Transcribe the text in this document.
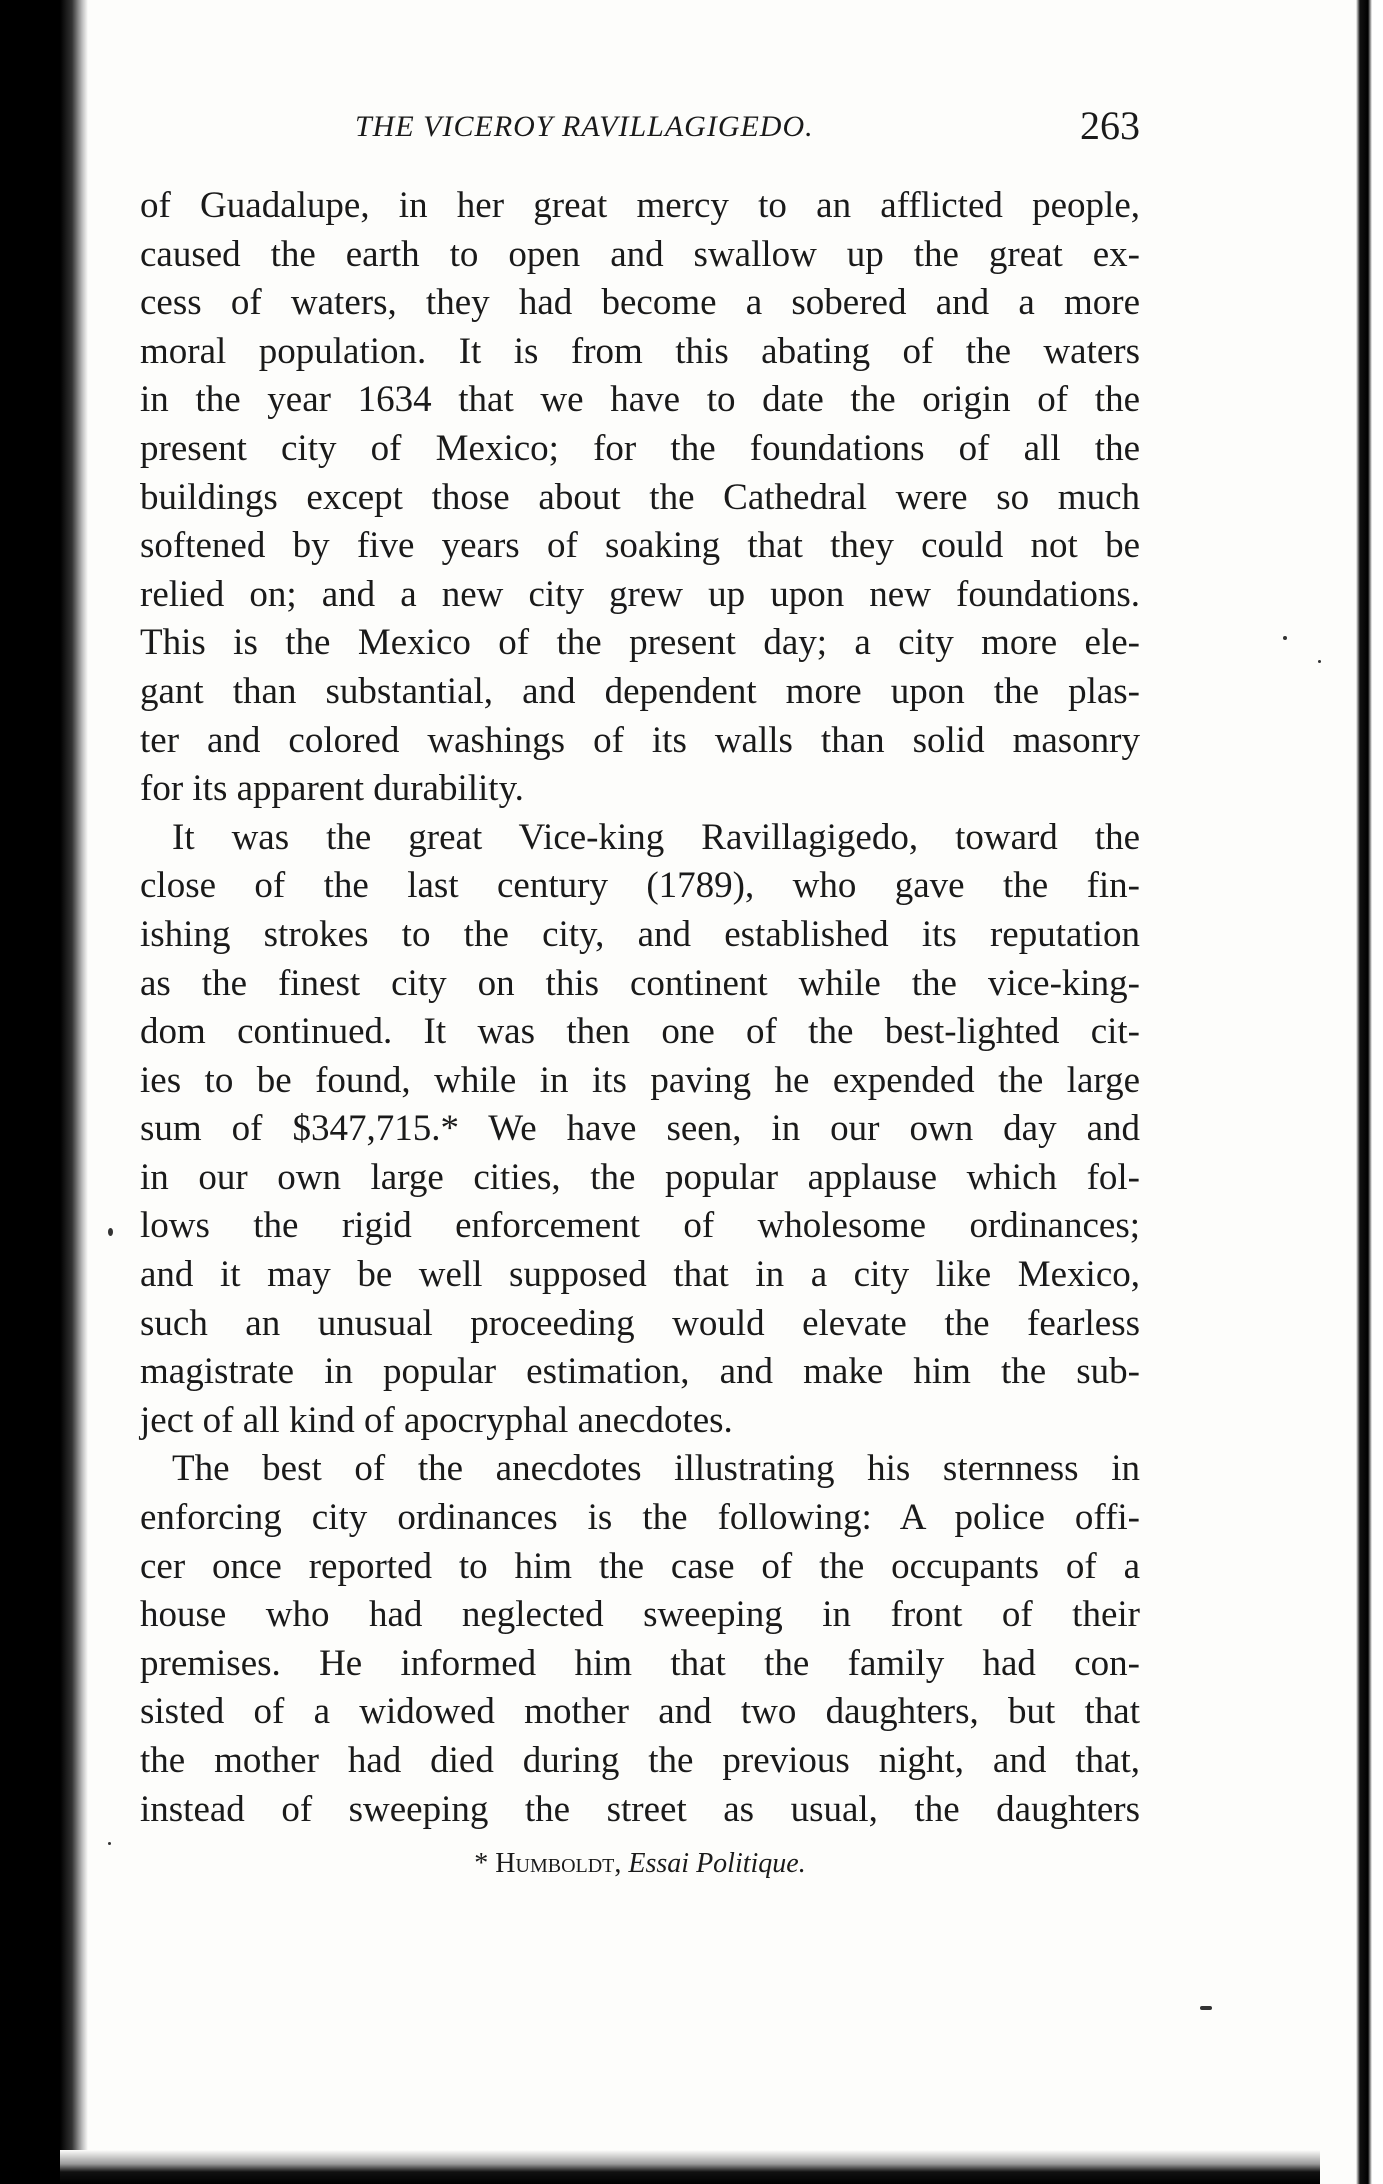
THE VICEROY RAVILLAGIGEDO.	263
of Guadalupe, in her great mercy to an afflicted people,
caused the earth to open and swallow up the great ex-
cess of waters, they had become a sobered and a more
moral population. It is from this abating of the waters
in the year 1634 that we have to date the origin of the
present city of Mexico; for the foundations of all the
buildings except those about the Cathedral were so much
softened by five years of soaking that they could not be
relied on; and a new city grew up upon new foundations.
This is the Mexico of the present day; a city more ele-
gant than substantial, and dependent more upon the plas-
ter and colored washings of its walls than solid masonry
for its apparent durability.
It was the great Vice-king Ravillagigedo, toward the
close of the last century (1789), who gave the fin-
ishing strokes to the city, and established its reputation
as the finest city on this continent while the vice-king-
dom continued. It was then one of the best-lighted cit-
ies to be found, while in its paving he expended the large
sum of $347,715.* We have seen, in our own day and
in our own large cities, the popular applause which fol-
lows the rigid enforcement of wholesome ordinances;
and it may be well supposed that in a city like Mexico,
such an unusual proceeding would elevate the fearless
magistrate in popular estimation, and make him the sub-
ject of all kind of apocryphal anecdotes.
The best of the anecdotes illustrating his sternness in
enforcing city ordinances is the following: A police offi-
cer once reported to him the case of the occupants of a
house who had neglected sweeping in front of their
premises. He informed him that the family had con-
sisted of a widowed mother and two daughters, but that
the mother had died during the previous night, and that,
instead of sweeping the street as usual, the daughters
* Humboldt, Essai Politique.
